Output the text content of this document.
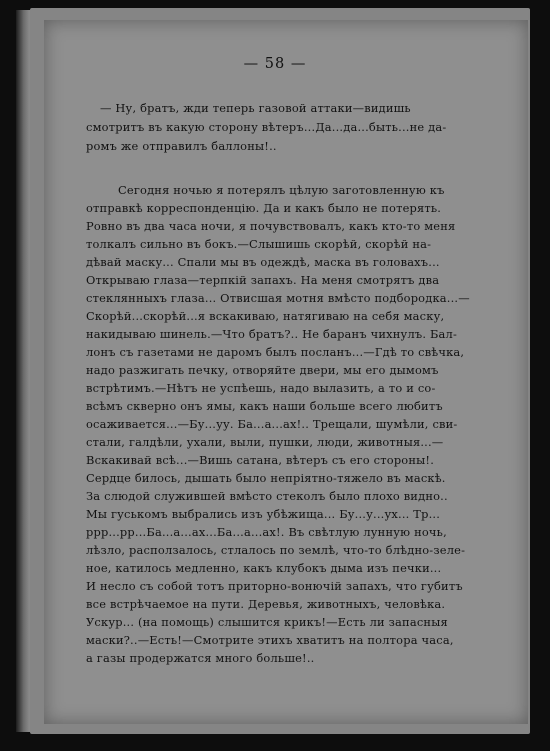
— 58 —
— Ну, братъ, жди теперь газовой аттаки—видишь
смотритъ въ какую сторону вѣтеръ...Да...да...быть...не да-
ромъ же отправилъ баллоны!..
Сегодня ночью я потерялъ цѣлую заготовленную къ
отправкѣ корреспонденцію. Да и какъ было не потерять.
Ровно въ два часа ночи, я почувствовалъ, какъ кто-то меня
толкалъ сильно въ бокъ.—Слышишь скорѣй, скорѣй на-
дѣвай маску... Спали мы въ одеждѣ, маска въ головахъ...
Открываю глаза—терпкій запахъ. На меня смотрятъ два
стеклянныхъ глаза... Отвисшая мотня вмѣсто подбородка...—
Скорѣй...скорѣй...я вскакиваю, натягиваю на себя маску,
накидываю шинель.—Что братъ?.. Не баранъ чихнулъ. Бал-
лонъ съ газетами не даромъ былъ посланъ...—Гдѣ то свѣчка,
надо разжигать печку, отворяйте двери, мы его дымомъ
встрѣтимъ.—Нѣтъ не успѣешь, надо вылазить, а то и со-
всѣмъ скверно онъ ямы, какъ наши больше всего любитъ
осаживается...—Бу...уу. Ба...а...ах!.. Трещали, шумѣли, сви-
стали, галдѣли, ухали, выли, пушки, люди, животныя...—
Вскакивай всѣ...—Вишь сатана, вѣтеръ съ его стороны!.
Сердце билось, дышать было непріятно-тяжело въ маскѣ.
За слюдой служившей вмѣсто стеколъ было плохо видно..
Мы гуськомъ выбрались изъ убѣжища... Бу...у...ух... Тр...
ррр...рр...Ба...а...ах...Ба...а...ах!. Въ свѣтлую лунную ночь,
лѣзло, расползалось, стлалось по землѣ, что-то блѣдно-зеле-
ное, катилось медленно, какъ клубокъ дыма изъ печки...
И несло съ собой тотъ приторно-вонючій запахъ, что губитъ
все встрѣчаемое на пути. Деревья, животныхъ, человѣка.
Ускур... (на помощь) слышится крикъ!—Есть ли запасныя
маски?..—Есть!—Смотрите этихъ хватитъ на полтора часа,
а газы продержатся много больше!..
